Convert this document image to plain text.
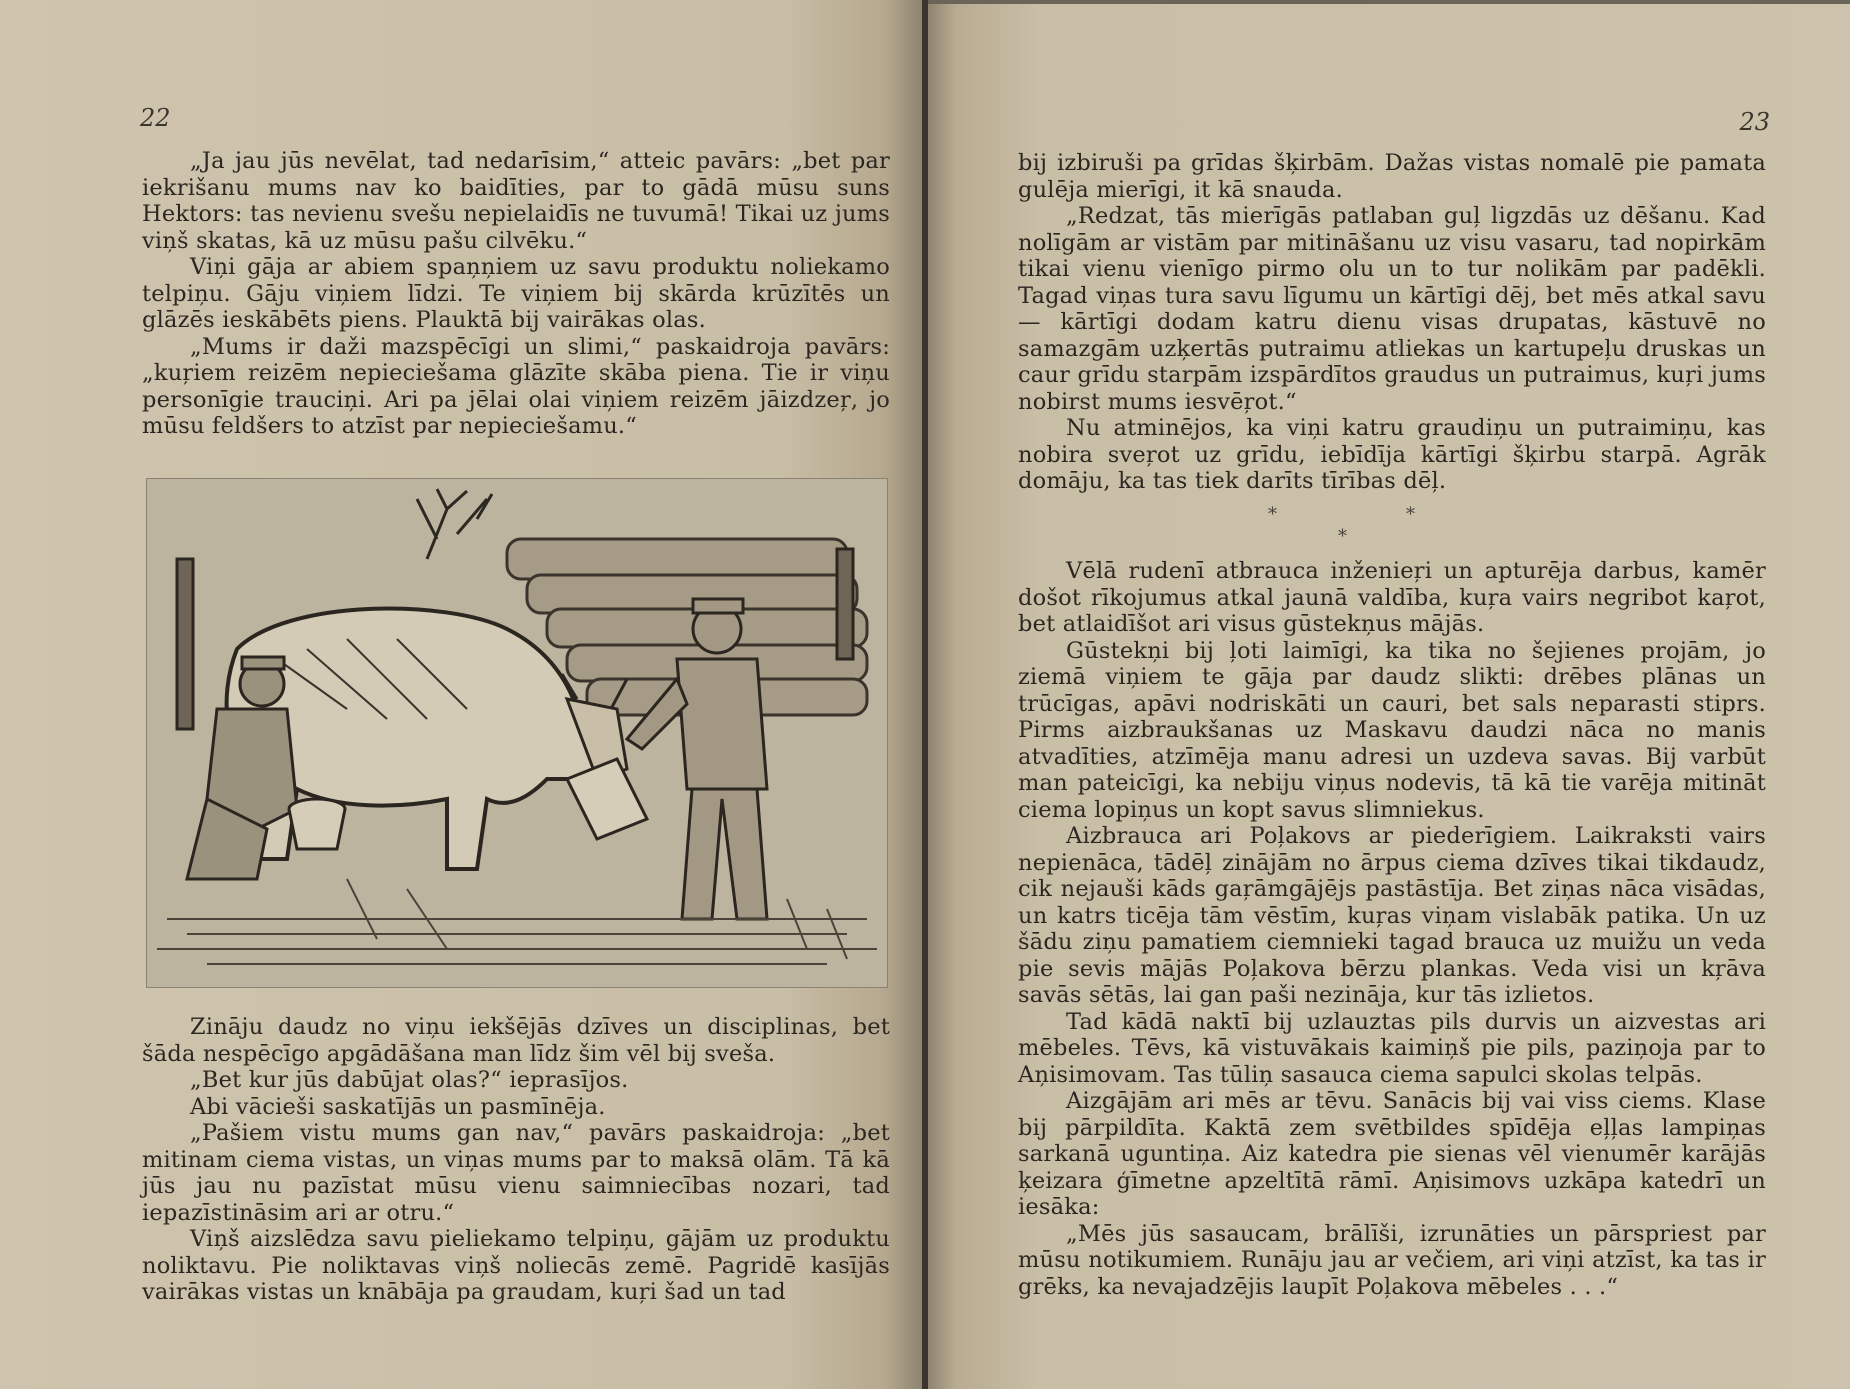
22

„Ja jau jūs nevēlat, tad nedarīsim,“ atteic pavārs: „bet par iekrišanu mums nav ko baidīties, par to gādā mūsu suns Hektors: tas nevienu svešu nepielaidīs ne tuvumā! Tikai uz jums viņš skatas, kā uz mūsu pašu cilvēku.“

Viņi gāja ar abiem spaņņiem uz savu produktu noliekamo telpiņu. Gāju viņiem līdzi. Te viņiem bij skārda krūzītēs un glāzēs ieskābēts piens. Plauktā bij vairākas olas.

„Mums ir daži mazspēcīgi un slimi,“ paskaidroja pavārs: „kuŗiem reizēm nepieciešama glāzīte skāba piena. Tie ir viņu personīgie trauciņi. Ari pa jēlai olai viņiem reizēm jāizdzeŗ, jo mūsu feldšers to atzīst par nepieciešamu.“

Zināju daudz no viņu iekšējās dzīves un disciplinas, bet šāda nespēcīgo apgādāšana man līdz šim vēl bij sveša.

„Bet kur jūs dabūjat olas?“ ieprasījos.

Abi vācieši saskatījās un pasmīnēja.

„Pašiem vistu mums gan nav,“ pavārs paskaidroja: „bet mitinam ciema vistas, un viņas mums par to maksā olām. Tā kā jūs jau nu pazīstat mūsu vienu saimniecības nozari, tad iepazīstināsim ari ar otru.“

Viņš aizslēdza savu pieliekamo telpiņu, gājām uz produktu noliktavu. Pie noliktavas viņš noliecās zemē. Pagridē kasījās vairākas vistas un knābāja pa graudam, kuŗi šad un tad

23

bij izbiruši pa grīdas šķirbām. Dažas vistas nomalē pie pamata gulēja mierīgi, it kā snauda.

„Redzat, tās mierīgās patlaban guļ ligzdās uz dēšanu. Kad nolīgām ar vistām par mitināšanu uz visu vasaru, tad nopirkām tikai vienu vienīgo pirmo olu un to tur nolikām par padēkli. Tagad viņas tura savu līgumu un kārtīgi dēj, bet mēs atkal savu — kārtīgi dodam katru dienu visas drupatas, kāstuvē no samazgām uzķertās putraimu atliekas un kartupeļu druskas un caur grīdu starpām izspārdītos graudus un putraimus, kuŗi jums nobirst mums iesvēŗot.“

Nu atminējos, ka viņi katru graudiņu un putraimiņu, kas nobira sveŗot uz grīdu, iebīdīja kārtīgi šķirbu starpā. Agrāk domāju, ka tas tiek darīts tīrības dēļ.

*	*
*

Vēlā rudenī atbrauca inženieŗi un apturēja darbus, kamēr došot rīkojumus atkal jaunā valdība, kuŗa vairs negribot kaŗot, bet atlaidīšot ari visus gūstekņus mājās.

Gūstekņi bij ļoti laimīgi, ka tika no šejienes projām, jo ziemā viņiem te gāja par daudz slikti: drēbes plānas un trūcīgas, apāvi nodriskāti un cauri, bet sals neparasti stiprs. Pirms aizbraukšanas uz Maskavu daudzi nāca no manis atvadīties, atzīmēja manu adresi un uzdeva savas. Bij varbūt man pateicīgi, ka nebiju viņus nodevis, tā kā tie varēja mitināt ciema lopiņus un kopt savus slimniekus.

Aizbrauca ari Poļakovs ar piederīgiem. Laikraksti vairs nepienāca, tādēļ zinājām no ārpus ciema dzīves tikai tikdaudz, cik nejauši kāds gaŗāmgājējs pastāstīja. Bet ziņas nāca visādas, un katrs ticēja tām vēstīm, kuŗas viņam vislabāk patika. Un uz šādu ziņu pamatiem ciemnieki tagad brauca uz muižu un veda pie sevis mājās Poļakova bērzu plankas. Veda visi un kŗāva savās sētās, lai gan paši nezināja, kur tās izlietos.

Tad kādā naktī bij uzlauztas pils durvis un aizvestas ari mēbeles. Tēvs, kā vistuvākais kaimiņš pie pils, paziņoja par to Aņisimovam. Tas tūliņ sasauca ciema sapulci skolas telpās.

Aizgājām ari mēs ar tēvu. Sanācis bij vai viss ciems. Klase bij pārpildīta. Kaktā zem svētbildes spīdēja eļļas lampiņas sarkanā uguntiņa. Aiz katedra pie sienas vēl vienumēr karājās ķeizara ģīmetne apzeltītā rāmī. Aņisimovs uzkāpa katedrī un iesāka:

„Mēs jūs sasaucam, brālīši, izrunāties un pārspriest par mūsu notikumiem. Runāju jau ar večiem, ari viņi atzīst, ka tas ir grēks, ka nevajadzējis laupīt Poļakova mēbeles . . .“
